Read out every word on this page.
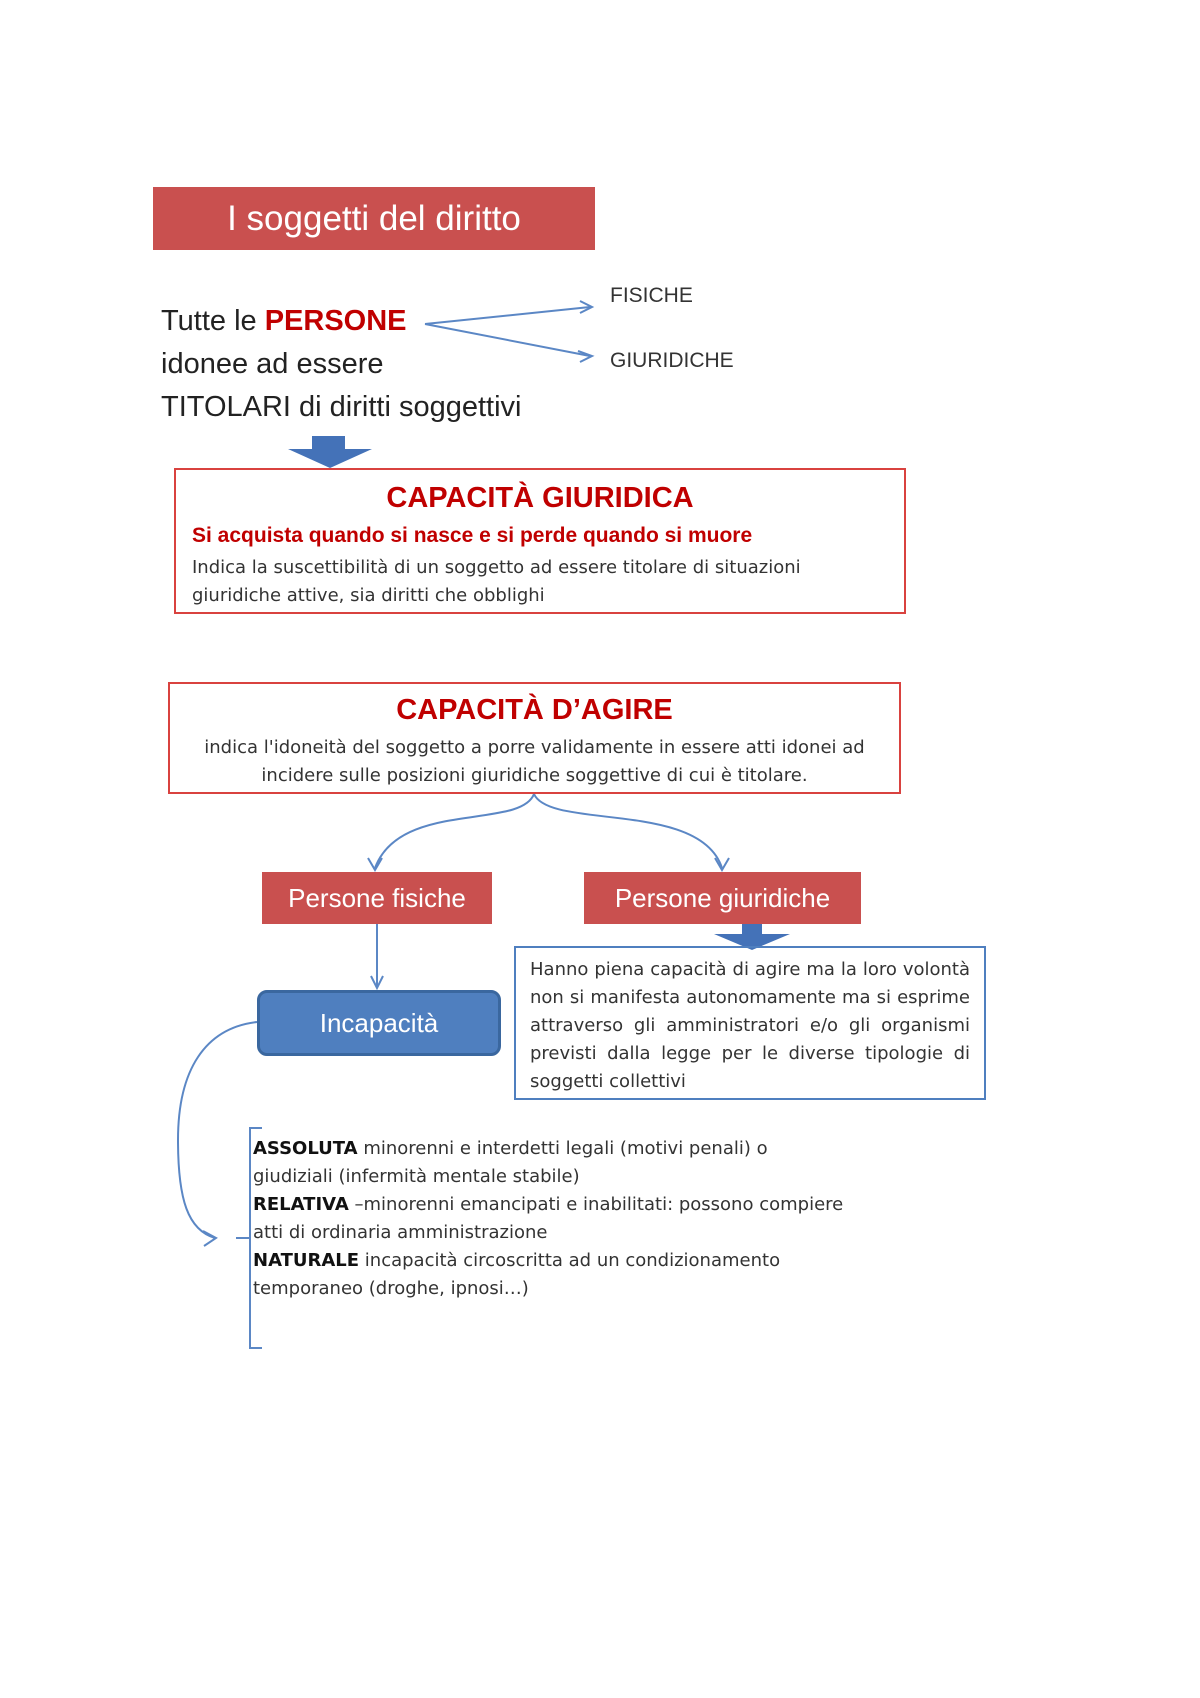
I soggetti del diritto
Tutte le PERSONE
idonee ad essere
TITOLARI di diritti soggettivi
FISICHE
GIURIDICHE
CAPACITÀ GIURIDICA
Si acquista quando si nasce e si perde quando si muore
Indica la suscettibilità di un soggetto ad essere titolare di situazioni giuridiche attive, sia diritti che obblighi
CAPACITÀ D’AGIRE
indica l'idoneità del soggetto a porre validamente in essere atti idonei ad incidere sulle posizioni giuridiche soggettive di cui è titolare.
Persone fisiche	Persone giuridiche
Incapacità
Hanno piena capacità di agire ma la loro volontà non si manifesta autonomamente ma si esprime attraverso gli amministratori e/o gli organismi previsti dalla legge per le diverse tipologie di soggetti collettivi
ASSOLUTA minorenni e interdetti legali (motivi penali) o giudiziali (infermità mentale stabile)
RELATIVA –minorenni emancipati e inabilitati: possono compiere atti di ordinaria amministrazione
NATURALE incapacità circoscritta ad un condizionamento temporaneo (droghe, ipnosi…)
